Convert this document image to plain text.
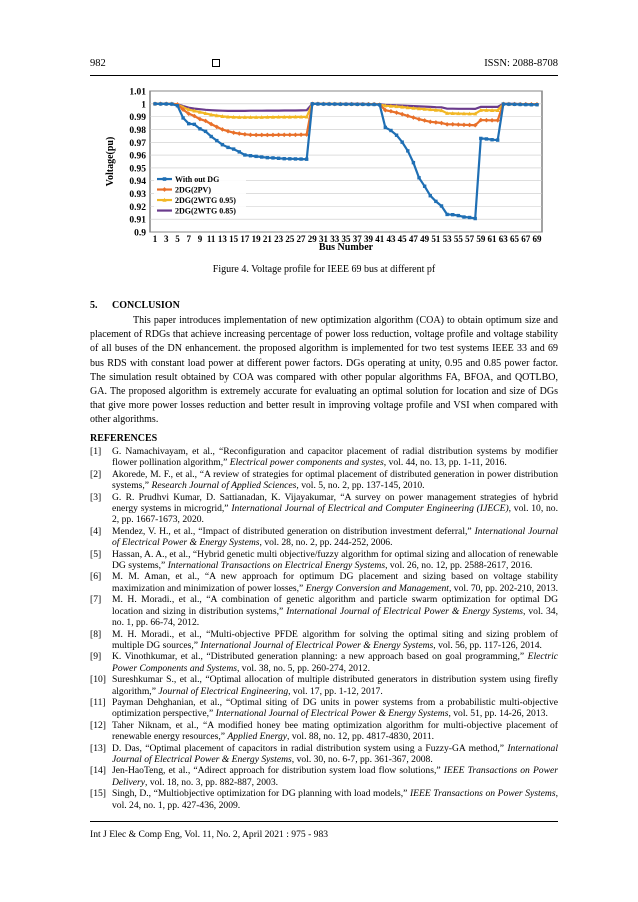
982	ISSN: 2088-8708
1.01
1
0.99
0.98
0.97
0.96
0.95
0.94
0.93
0.92
0.91
0.9
1 3 5 7 9 11 13 15 17 19 21 23 25 27 29 31 33 35 37 39 41 43 45 47 49 51 53 55 57 59 61 63 65 67 69
Voltage(pu)
Bus Number
With out DG
2DG(2PV)
2DG(2WTG 0.95)
2DG(2WTG 0.85)
Figure 4. Voltage profile for IEEE 69 bus at different pf
5. CONCLUSION
This paper introduces implementation of new optimization algorithm (COA) to obtain optimum size and placement of RDGs that achieve increasing percentage of power loss reduction, voltage profile and voltage stability of all buses of the DN enhancement. the proposed algorithm is implemented for two test systems IEEE 33 and 69 bus RDS with constant load power at different power factors. DGs operating at unity, 0.95 and 0.85 power factor. The simulation result obtained by COA was compared with other popular algorithms FA, BFOA, and QOTLBO, GA. The proposed algorithm is extremely accurate for evaluating an optimal solution for location and size of DGs that give more power losses reduction and better result in improving voltage profile and VSI when compared with other algorithms.
REFERENCES
[1] G. Namachivayam, et al., “Reconfiguration and capacitor placement of radial distribution systems by modifier flower pollination algorithm,” Electrical power components and systes, vol. 44, no. 13, pp. 1-11, 2016.
[2] Akorede, M. F., et al., “A review of strategies for optimal placement of distributed generation in power distribution systems,” Research Journal of Applied Sciences, vol. 5, no. 2, pp. 137-145, 2010.
[3] G. R. Prudhvi Kumar, D. Sattianadan, K. Vijayakumar, “A survey on power management strategies of hybrid energy systems in microgrid,” International Journal of Electrical and Computer Engineering (IJECE), vol. 10, no. 2, pp. 1667-1673, 2020.
[4] Mendez, V. H., et al., “Impact of distributed generation on distribution investment deferral,” International Journal of Electrical Power & Energy Systems, vol. 28, no. 2, pp. 244-252, 2006.
[5] Hassan, A. A., et al., “Hybrid genetic multi objective/fuzzy algorithm for optimal sizing and allocation of renewable DG systems,” International Transactions on Electrical Energy Systems, vol. 26, no. 12, pp. 2588-2617, 2016.
[6] M. M. Aman, et al., “A new approach for optimum DG placement and sizing based on voltage stability maximization and minimization of power losses,” Energy Conversion and Management, vol. 70, pp. 202-210, 2013.
[7] M. H. Moradi., et al., “A combination of genetic algorithm and particle swarm optimization for optimal DG location and sizing in distribution systems,” International Journal of Electrical Power & Energy Systems, vol. 34, no. 1, pp. 66-74, 2012.
[8] M. H. Moradi., et al., “Multi-objective PFDE algorithm for solving the optimal siting and sizing problem of multiple DG sources,” International Journal of Electrical Power & Energy Systems, vol. 56, pp. 117-126, 2014.
[9] K. Vinothkumar, et al., “Distributed generation planning: a new approach based on goal programming,” Electric Power Components and Systems, vol. 38, no. 5, pp. 260-274, 2012.
[10] Sureshkumar S., et al., “Optimal allocation of multiple distributed generators in distribution system using firefly algorithm,” Journal of Electrical Engineering, vol. 17, pp. 1-12, 2017.
[11] Payman Dehghanian, et al., “Optimal siting of DG units in power systems from a probabilistic multi-objective optimization perspective,” International Journal of Electrical Power & Energy Systems, vol. 51, pp. 14-26, 2013.
[12] Taher Niknam, et al., “A modified honey bee mating optimization algorithm for multi-objective placement of renewable energy resources,” Applied Energy, vol. 88, no. 12, pp. 4817-4830, 2011.
[13] D. Das, “Optimal placement of capacitors in radial distribution system using a Fuzzy-GA method,” International Journal of Electrical Power & Energy Systems, vol. 30, no. 6-7, pp. 361-367, 2008.
[14] Jen-HaoTeng, et al., “Adirect approach for distribution system load flow solutions,” IEEE Transactions on Power Delivery, vol. 18, no. 3, pp. 882-887, 2003.
[15] Singh, D., “Multiobjective optimization for DG planning with load models,” IEEE Transactions on Power Systems, vol. 24, no. 1, pp. 427-436, 2009.
Int J Elec & Comp Eng, Vol. 11, No. 2, April 2021 : 975 - 983
